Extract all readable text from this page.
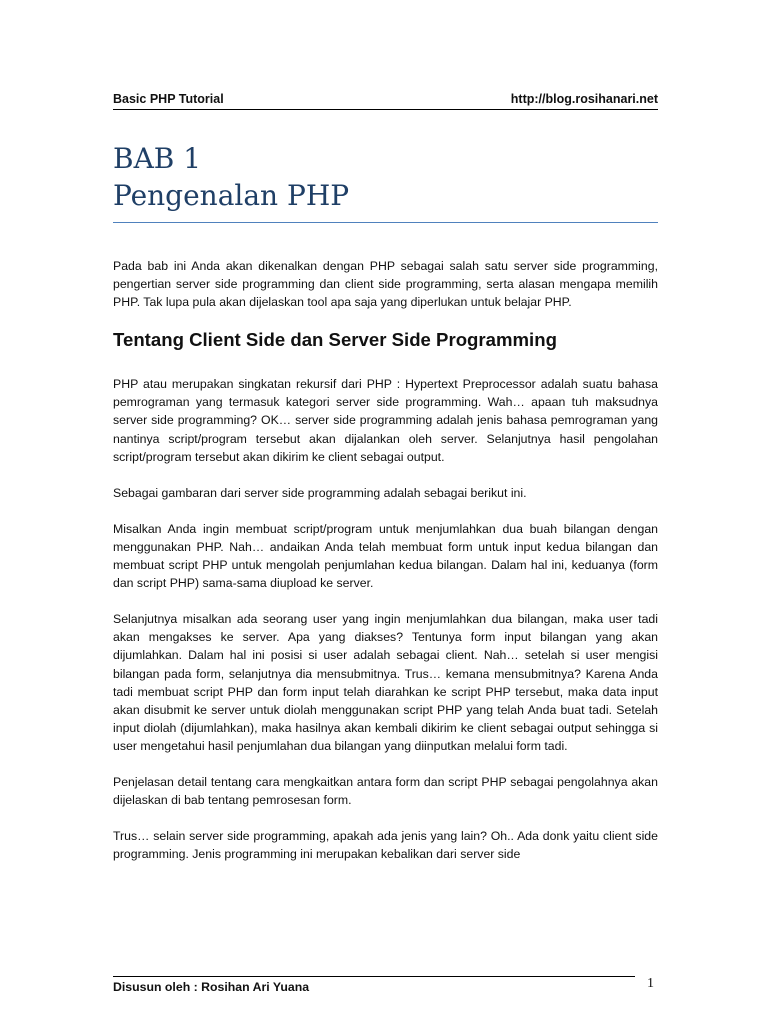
Basic PHP Tutorial	http://blog.rosihanari.net
BAB 1
Pengenalan PHP

Pada bab ini Anda akan dikenalkan dengan PHP sebagai salah satu server side programming, pengertian server side programming dan client side programming, serta alasan mengapa memilih PHP. Tak lupa pula akan dijelaskan tool apa saja yang diperlukan untuk belajar PHP.

Tentang Client Side dan Server Side Programming

PHP atau merupakan singkatan rekursif dari PHP : Hypertext Preprocessor adalah suatu bahasa pemrograman yang termasuk kategori server side programming. Wah… apaan tuh maksudnya server side programming? OK… server side programming adalah jenis bahasa pemrograman yang nantinya script/program tersebut akan dijalankan oleh server. Selanjutnya hasil pengolahan script/program tersebut akan dikirim ke client sebagai output.

Sebagai gambaran dari server side programming adalah sebagai berikut ini.

Misalkan Anda ingin membuat script/program untuk menjumlahkan dua buah bilangan dengan menggunakan PHP. Nah… andaikan Anda telah membuat form untuk input kedua bilangan dan membuat script PHP untuk mengolah penjumlahan kedua bilangan. Dalam hal ini, keduanya (form dan script PHP) sama-sama diupload ke server.

Selanjutnya misalkan ada seorang user yang ingin menjumlahkan dua bilangan, maka user tadi akan mengakses ke server. Apa yang diakses? Tentunya form input bilangan yang akan dijumlahkan. Dalam hal ini posisi si user adalah sebagai client. Nah… setelah si user mengisi bilangan pada form, selanjutnya dia mensubmitnya. Trus… kemana mensubmitnya? Karena Anda tadi membuat script PHP dan form input telah diarahkan ke script PHP tersebut, maka data input akan disubmit ke server untuk diolah menggunakan script PHP yang telah Anda buat tadi. Setelah input diolah (dijumlahkan), maka hasilnya akan kembali dikirim ke client sebagai output sehingga si user mengetahui hasil penjumlahan dua bilangan yang diinputkan melalui form tadi.

Penjelasan detail tentang cara mengkaitkan antara form dan script PHP sebagai pengolahnya akan dijelaskan di bab tentang pemrosesan form.

Trus… selain server side programming, apakah ada jenis yang lain? Oh.. Ada donk yaitu client side programming. Jenis programming ini merupakan kebalikan dari server side

Disusun oleh : Rosihan Ari Yuana	1
